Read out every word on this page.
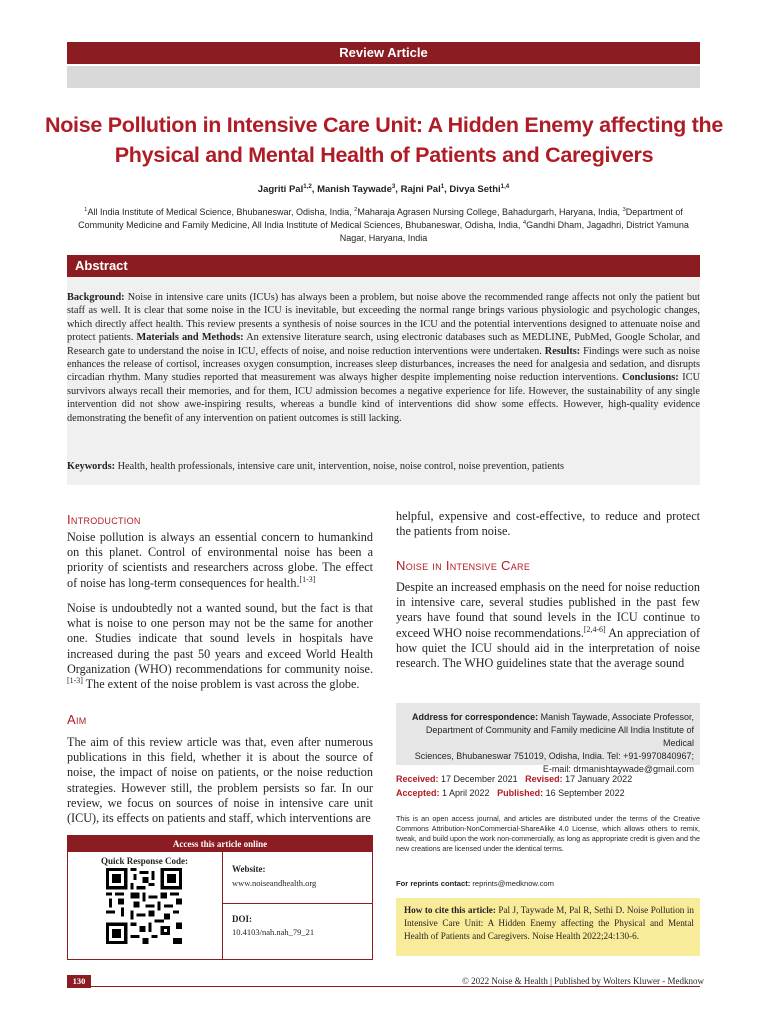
Review Article
Noise Pollution in Intensive Care Unit: A Hidden Enemy affecting the Physical and Mental Health of Patients and Caregivers
Jagriti Pal$^{1,2}$, Manish Taywade$^3$, Rajni Pal$^1$, Divya Sethi$^{1,4}$
$^1$All India Institute of Medical Science, Bhubaneswar, Odisha, India, $^2$Maharaja Agrasen Nursing College, Bahadurgarh, Haryana, India, $^3$Department of Community Medicine and Family Medicine, All India Institute of Medical Sciences, Bhubaneswar, Odisha, India, $^4$Gandhi Dham, Jagadhri, District Yamuna Nagar, Haryana, India
Abstract
Background: Noise in intensive care units (ICUs) has always been a problem, but noise above the recommended range affects not only the patient but staff as well. It is clear that some noise in the ICU is inevitable, but exceeding the normal range brings various physiologic and psychologic changes, which directly affect health. This review presents a synthesis of noise sources in the ICU and the potential interventions designed to attenuate noise and protect patients. Materials and Methods: An extensive literature search, using electronic databases such as MEDLINE, PubMed, Google Scholar, and Research gate to understand the noise in ICU, effects of noise, and noise reduction interventions were undertaken. Results: Findings were such as noise enhances the release of cortisol, increases oxygen consumption, increases sleep disturbances, increases the need for analgesia and sedation, and disrupts circadian rhythm. Many studies reported that measurement was always higher despite implementing noise reduction interventions. Conclusions: ICU survivors always recall their memories, and for them, ICU admission becomes a negative experience for life. However, the sustainability of any single intervention did not show awe-inspiring results, whereas a bundle kind of interventions did show some effects. However, high-quality evidence demonstrating the benefit of any intervention on patient outcomes is still lacking.
Keywords: Health, health professionals, intensive care unit, intervention, noise, noise control, noise prevention, patients
Introduction

Noise pollution is always an essential concern to humankind on this planet. Control of environmental noise has been a priority of scientists and researchers across globe. The effect of noise has long-term consequences for health.[1-3]

Noise is undoubtedly not a wanted sound, but the fact is that what is noise to one person may not be the same for another one. Studies indicate that sound levels in hospitals have increased during the past 50 years and exceed World Health Organization (WHO) recommendations for community noise.[1-3] The extent of the noise problem is vast across the globe.

Aim

The aim of this review article was that, even after numerous publications in this field, whether it is about the source of noise, the impact of noise on patients, or the noise reduction strategies. However still, the problem persists so far. In our review, we focus on sources of noise in intensive care unit (ICU), its effects on patients and staff, which interventions are

Access this article online
Quick Response Code:
Website:
www.noiseandhealth.org
DOI:
10.4103/nah.nah_79_21

helpful, expensive and cost-effective, to reduce and protect the patients from noise.

Noise in Intensive Care

Despite an increased emphasis on the need for noise reduction in intensive care, several studies published in the past few years have found that sound levels in the ICU continue to exceed WHO noise recommendations.[2,4-6] An appreciation of how quiet the ICU should aid in the interpretation of noise research. The WHO guidelines state that the average sound

Address for correspondence: Manish Taywade, Associate Professor,
Department of Community and Family medicine All India Institute of Medical
Sciences, Bhubaneswar 751019, Odisha, India. Tel: +91-9970840967;
E-mail: drmanishtaywade@gmail.com
Received: 17 December 2021 Revised: 17 January 2022
Accepted: 1 April 2022 Published: 16 September 2022
This is an open access journal, and articles are distributed under the terms of the Creative Commons Attribution-NonCommercial-ShareAlike 4.0 License, which allows others to remix, tweak, and build upon the work non-commercially, as long as appropriate credit is given and the new creations are licensed under the identical terms.
For reprints contact: reprints@medknow.com
How to cite this article: Pal J, Taywade M, Pal R, Sethi D. Noise Pollution in Intensive Care Unit: A Hidden Enemy affecting the Physical and Mental Health of Patients and Caregivers. Noise Health 2022;24:130-6.
130	© 2022 Noise & Health | Published by Wolters Kluwer - Medknow
